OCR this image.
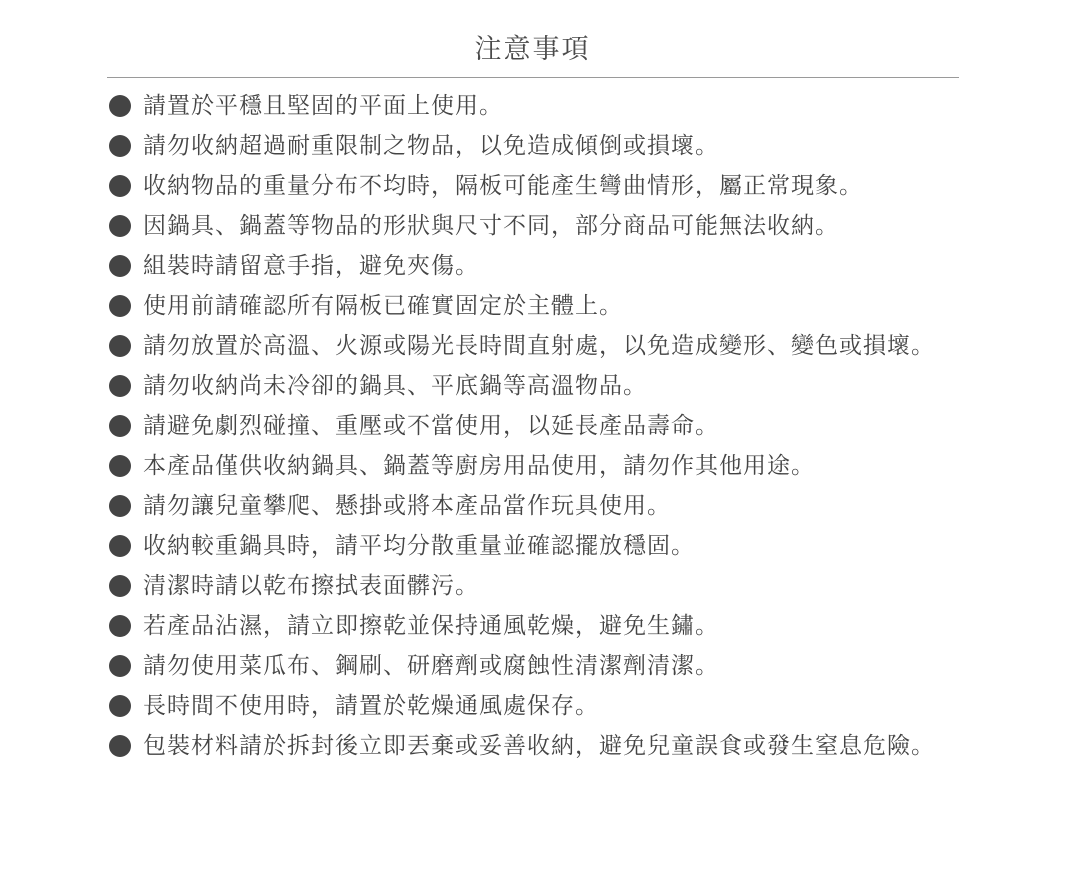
注意事項
請置於平穩且堅固的平面上使用。
請勿收納超過耐重限制之物品，以免造成傾倒或損壞。
收納物品的重量分布不均時，隔板可能產生彎曲情形，屬正常現象。
因鍋具、鍋蓋等物品的形狀與尺寸不同，部分商品可能無法收納。
組裝時請留意手指，避免夾傷。
使用前請確認所有隔板已確實固定於主體上。
請勿放置於高溫、火源或陽光長時間直射處，以免造成變形、變色或損壞。
請勿收納尚未冷卻的鍋具、平底鍋等高溫物品。
請避免劇烈碰撞、重壓或不當使用，以延長產品壽命。
本產品僅供收納鍋具、鍋蓋等廚房用品使用，請勿作其他用途。
請勿讓兒童攀爬、懸掛或將本產品當作玩具使用。
收納較重鍋具時，請平均分散重量並確認擺放穩固。
清潔時請以乾布擦拭表面髒污。
若產品沾濕，請立即擦乾並保持通風乾燥，避免生鏽。
請勿使用菜瓜布、鋼刷、研磨劑或腐蝕性清潔劑清潔。
長時間不使用時，請置於乾燥通風處保存。
包裝材料請於拆封後立即丟棄或妥善收納，避免兒童誤食或發生窒息危險。
